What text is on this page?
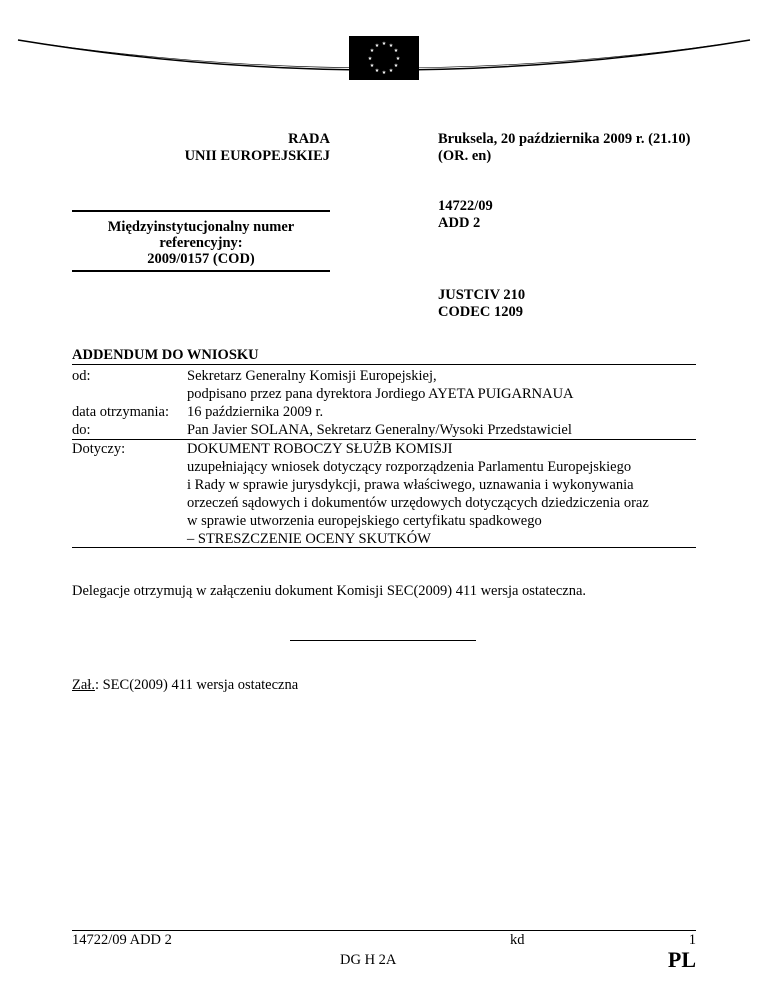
★ ★
★
★
★
★
★
★
★
★
★
★
RADA
UNII EUROPEJSKIEJ
Bruksela, 20 października 2009 r. (21.10)
(OR. en)
14722/09
ADD 2
Międzyinstytucjonalny numer
referencyjny:
2009/0157 (COD)
JUSTCIV 210
CODEC 1209
ADDENDUM DO WNIOSKU
od:	Sekretarz Generalny Komisji Europejskiej,
podpisano przez pana dyrektora Jordiego AYETA PUIGARNAUA
data otrzymania: 16 października 2009 r.
do:	Pan Javier SOLANA, Sekretarz Generalny/Wysoki Przedstawiciel
Dotyczy:	DOKUMENT ROBOCZY SŁUŻB KOMISJI
uzupełniający wniosek dotyczący rozporządzenia Parlamentu Europejskiego
i Rady w sprawie jurysdykcji, prawa właściwego, uznawania i wykonywania
orzeczeń sądowych i dokumentów urzędowych dotyczących dziedziczenia oraz
w sprawie utworzenia europejskiego certyfikatu spadkowego
– STRESZCZENIE OCENY SKUTKÓW
Delegacje otrzymują w załączeniu dokument Komisji SEC(2009) 411 wersja ostateczna.
Zał.: SEC(2009) 411 wersja ostateczna
14722/09 ADD 2	kd	1
DG H 2A	PL
